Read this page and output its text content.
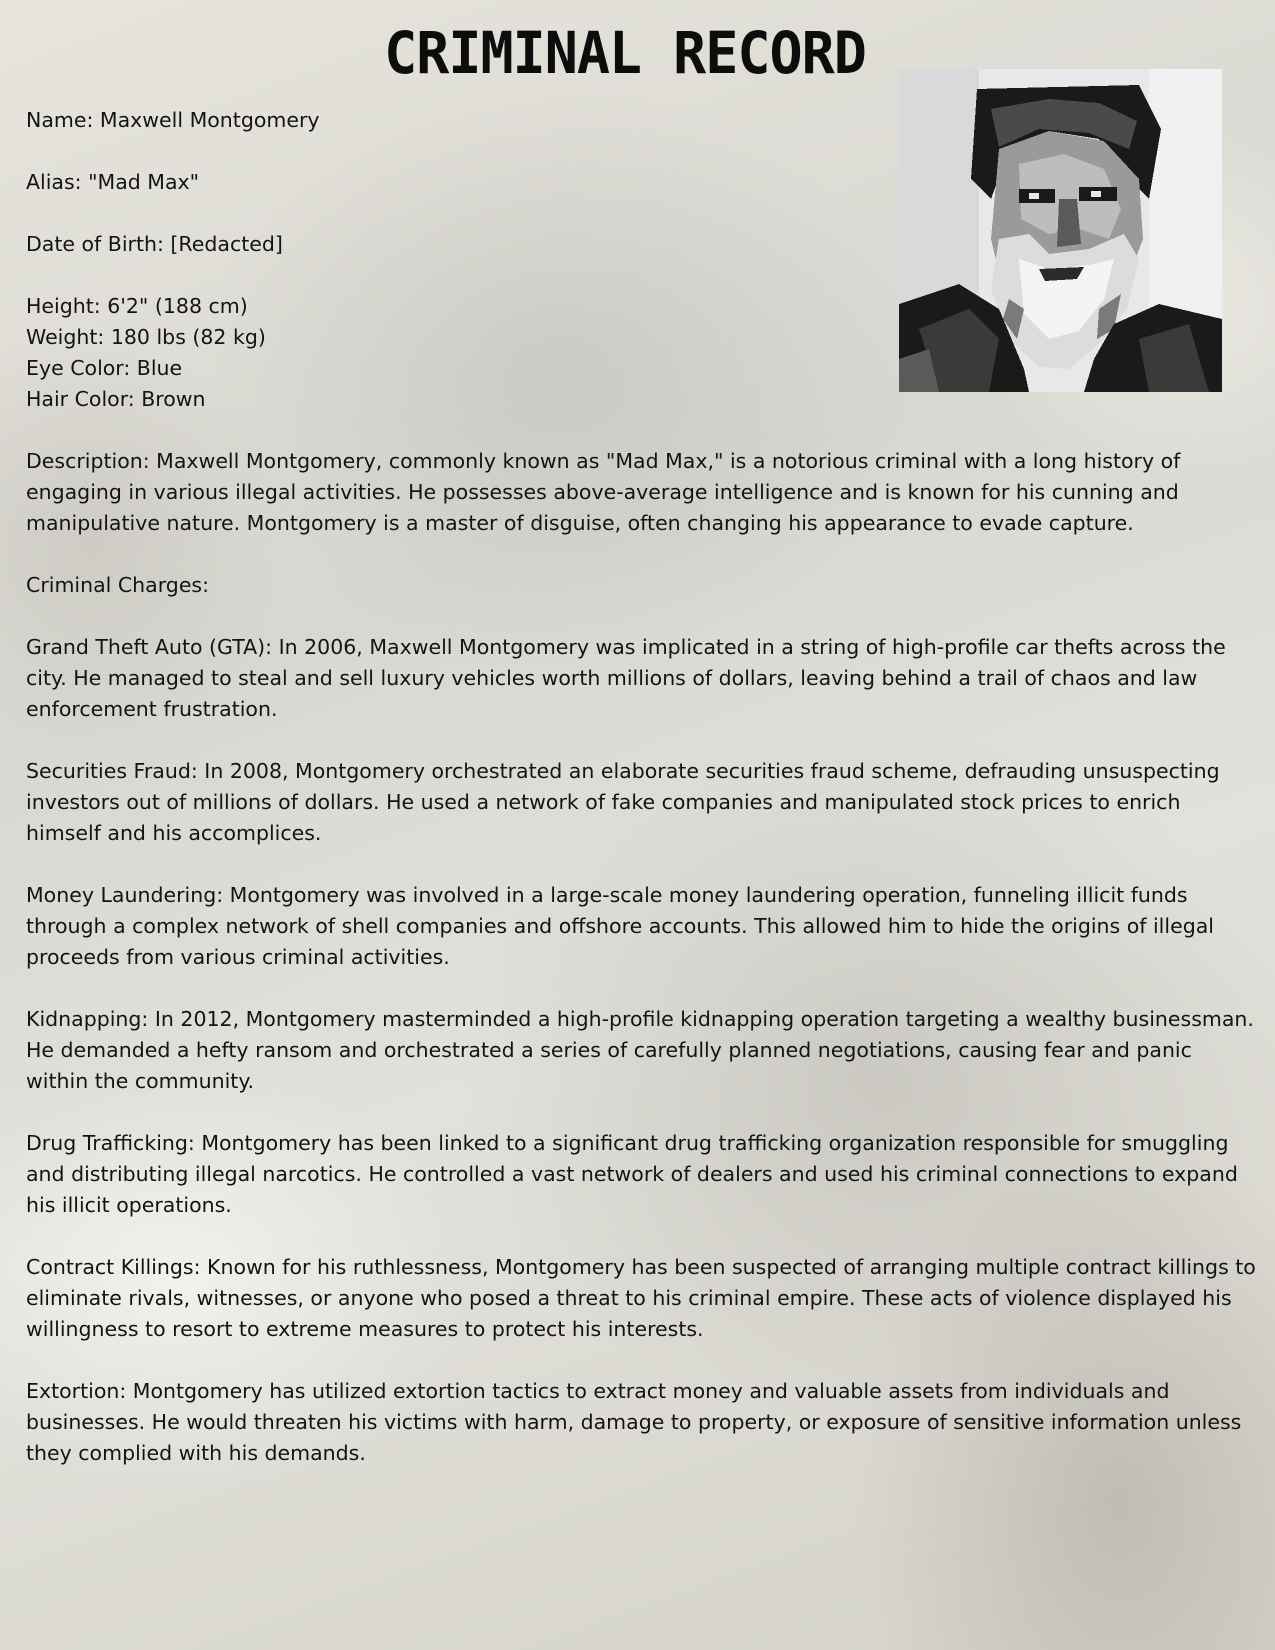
CRIMINAL RECORD

Name: Maxwell Montgomery

Alias: "Mad Max"

Date of Birth: [Redacted]

Height: 6'2" (188 cm)

Weight: 180 lbs (82 kg)

Eye Color: Blue

Hair Color: Brown

Description: Maxwell Montgomery, commonly known as "Mad Max," is a notorious criminal with a long history of engaging in various illegal activities. He possesses above-average intelligence and is known for his cunning and manipulative nature. Montgomery is a master of disguise, often changing his appearance to evade capture.

Criminal Charges:

Grand Theft Auto (GTA): In 2006, Maxwell Montgomery was implicated in a string of high-profile car thefts across the city. He managed to steal and sell luxury vehicles worth millions of dollars, leaving behind a trail of chaos and law enforcement frustration.

Securities Fraud: In 2008, Montgomery orchestrated an elaborate securities fraud scheme, defrauding unsuspecting investors out of millions of dollars. He used a network of fake companies and manipulated stock prices to enrich himself and his accomplices.

Money Laundering: Montgomery was involved in a large-scale money laundering operation, funneling illicit funds through a complex network of shell companies and offshore accounts. This allowed him to hide the origins of illegal proceeds from various criminal activities.

Kidnapping: In 2012, Montgomery masterminded a high-profile kidnapping operation targeting a wealthy businessman. He demanded a hefty ransom and orchestrated a series of carefully planned negotiations, causing fear and panic within the community.

Drug Trafficking: Montgomery has been linked to a significant drug trafficking organization responsible for smuggling and distributing illegal narcotics. He controlled a vast network of dealers and used his criminal connections to expand his illicit operations.

Contract Killings: Known for his ruthlessness, Montgomery has been suspected of arranging multiple contract killings to eliminate rivals, witnesses, or anyone who posed a threat to his criminal empire. These acts of violence displayed his willingness to resort to extreme measures to protect his interests.

Extortion: Montgomery has utilized extortion tactics to extract money and valuable assets from individuals and businesses. He would threaten his victims with harm, damage to property, or exposure of sensitive information unless they complied with his demands.
